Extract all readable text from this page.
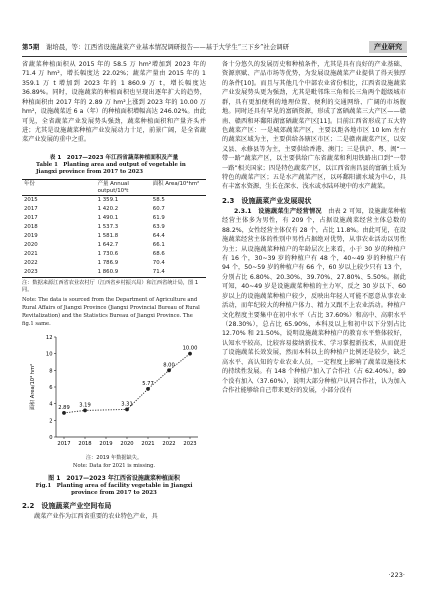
第5期 谢培晨，等：江西省设施蔬菜产业基本情况调研报告——基于大学生“三下乡”社会调研	产业研究

省蔬菜种植面积从 2015 年的 58.5 万 hm²增加到 2023 年的 71.4 万 hm²，增长幅度达 22.02%；蔬菜产量由 2015 年的 1 359.1 万 t 增加到 2023 年的 1 860.9 万 t，增长幅度达 36.89%。同时，设施蔬菜的种植面积也呈现出逐年扩大的趋势，种植面积由 2017 年的 2.89 万 hm²上涨到 2023 年的 10.00 万 hm²，设施蔬菜近 6 a（年）的种植面积增幅高达 246.02%。由此可见，全省蔬菜产业发展势头强劲，蔬菜种植面积和产量齐头并进；尤其是设施蔬菜种植产业发展动力十足，前景广阔，是全省蔬菜产业发展的重中之重。

表 1　2017—2023 年江西省蔬菜种植面积及产量

Table 1　Planting area and output of vegetable in Jiangxi province from 2017 to 2023

年份	产量 Annual output/10⁴t	面积 Area/10⁴hm²
2015	1 359.1	58.5
2017	1 420.2	60.7
2017	1 490.1	61.9
2018	1 537.3	63.9
2019	1 581.8	64.4
2020	1 642.7	66.1
2021	1 730.6	68.6
2022	1 786.9	70.4
2023	1 860.9	71.4

注：数据来源江西省农业农村厅（江西省乡村振兴局）和江西省统计局，图 1 同。

Note: The data is sourced from the Department of Agriculture and Rural Affairs of Jiangxi Province (Jiangxi Provincial Bureau of Rural Revitalization) and the Statistics Bureau of Jiangxi Province. The fig.1 same.

0
2
4
6
8
10
12
2017 2018 2019 2020 2021 2022 2023
面积 Area/10⁴ hm²	2.89 3.19	3.31
5.77
8.00
10.00

注：2019 年数据缺失。

Note: Data for 2021 is missing.

图 1　2017—2023 年江西省设施蔬菜种植面积

Fig.1　Planting area of facility vegetable in Jiangxi province from 2017 to 2023

2.2　设施蔬菜产业空间布局

蔬菜产业作为江西省重要的农业特色产业，具

备十分悠久的发展历史和种植条件，尤其是具有良好的产业基础、资源禀赋、产品市场等优势，为发展设施蔬菜产业提供了得天独厚的条件[10]。而且与其他几个中部农业省份相比，江西省设施蔬菜产业发展势头更为强劲，尤其是毗邻珠三角和长三角两个超级城市群，具有更加便利的地理位置、便利的交通网络、广阔的市场腹地。同时还具有罕见的富硒资源，形成了富硒蔬菜三大产区——赣南、赣西和环鄱阳湖富硒蔬菜产区[11]。目前江西省形成了五大特色蔬菜产区：一是城郊蔬菜产区，主要以距各地市区 10 km 左右的蔬菜区域为主，主要供给各辖区市区；二是赣南蔬菜产区，以安义县、永修县等为主，主要供给香港、澳门；三是供沪、粤、闽“一带一路”蔬菜产区，以主要供给广东省蔬菜和利用铁路出口到“一带一路”相关国家；四是特色蔬菜产区，以江西省南昌县的富硒土质为特色的蔬菜产区；五是水产蔬菜产区，以环鄱阳湖水域为中心，具有丰富水资源，生长在深水、浅水或水陆环境中的水产蔬菜。

2.3　设施蔬菜产业发展现状

2.3.1　设施蔬菜生产经营情况　 由表 2 可知，设施蔬菜种植经营主体多为男性，有 209 个，占据设施蔬菜经营主体总数的 88.2%，女性经营主体仅有 28 个，占比 11.8%。由此可见，在设施蔬菜经营主体的性别中男性占据绝对优势，从事农业活动以男性为主；从设施蔬菜种植户的年龄层次上来看，小于 30 岁的种植户有 16 个，30~39 岁的种植户有 48 个，40~49 岁的种植户有 94 个，50~59 岁的种植户有 66 个，60 岁以上较少只有 13 个，分别占比 6.80%、20.30%、39.70%、27.80%、5.50%。据此可知，40~49 岁是设施蔬菜种植的主力军，反之 30 岁以下、60 岁以上的设施蔬菜种植户较少，反映出年轻人可能不愿意从事农业活动，而年纪较大的种植户体力、精力又跟不上农业活动。种植户文化程度主要集中在初中水平（占比 37.60%）和高中、高职水平（28.30%），总占比 65.90%，本科及以上和初中以下分别占比 12.70% 和 21.50%，说明设施蔬菜种植户的教育水平整体较好，认知水平较高，比较容易接纳新技术、学习掌握新技术，从而促进了设施蔬菜长效发展，然而本科以上的种植户比例还是较少，缺乏高水平、高认知的专业农业人员，一定程度上影响了蔬菜设施技术的持续性发展。有 148 个种植户加入了合作社（占 62.40%），89 个没有加入（37.60%），说明大部分种植户认同合作社，认为加入合作社能够给自己带来更好的发展，小部分没有

·223·
